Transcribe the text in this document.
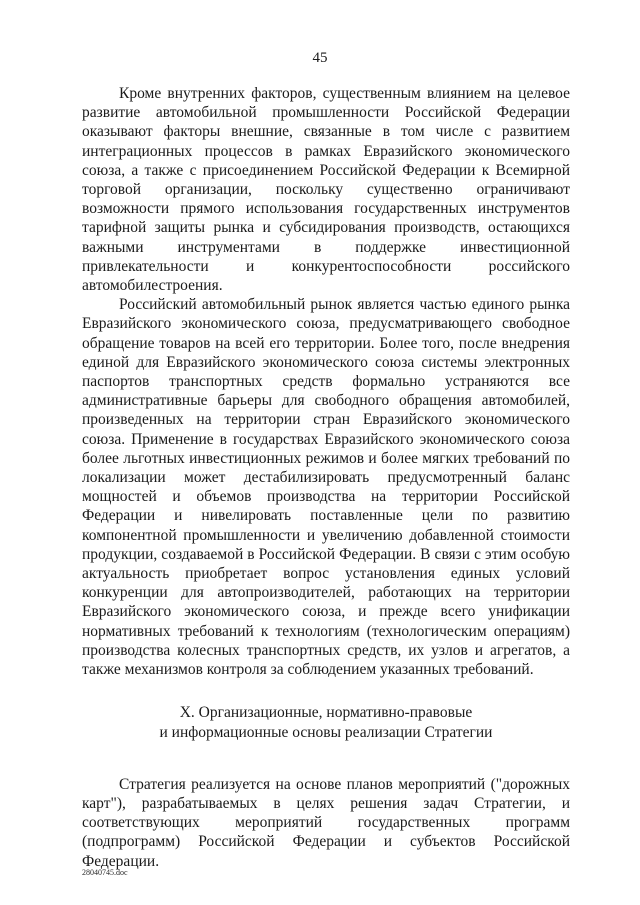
45

Кроме внутренних факторов, существенным влиянием на целевое развитие автомобильной промышленности Российской Федерации оказывают факторы внешние, связанные в том числе с развитием интеграционных процессов в рамках Евразийского экономического союза, а также с присоединением Российской Федерации к Всемирной торговой организации, поскольку существенно ограничивают возможности прямого использования государственных инструментов тарифной защиты рынка и субсидирования производств, остающихся важными инструментами в поддержке инвестиционной привлекательности и конкурентоспособности российского автомобилестроения.

Российский автомобильный рынок является частью единого рынка Евразийского экономического союза, предусматривающего свободное обращение товаров на всей его территории. Более того, после внедрения единой для Евразийского экономического союза системы электронных паспортов транспортных средств формально устраняются все административные барьеры для свободного обращения автомобилей, произведенных на территории стран Евразийского экономического союза. Применение в государствах Евразийского экономического союза более льготных инвестиционных режимов и более мягких требований по локализации может дестабилизировать предусмотренный баланс мощностей и объемов производства на территории Российской Федерации и нивелировать поставленные цели по развитию компонентной промышленности и увеличению добавленной стоимости продукции, создаваемой в Российской Федерации. В связи с этим особую актуальность приобретает вопрос установления единых условий конкуренции для автопроизводителей, работающих на территории Евразийского экономического союза, и прежде всего унификации нормативных требований к технологиям (технологическим операциям) производства колесных транспортных средств, их узлов и агрегатов, а также механизмов контроля за соблюдением указанных требований.

X. Организационные, нормативно-правовые
и информационные основы реализации Стратегии

Стратегия реализуется на основе планов мероприятий ("дорожных карт"), разрабатываемых в целях решения задач Стратегии, и соответствующих мероприятий государственных программ (подпрограмм) Российской Федерации и субъектов Российской Федерации.

28040745.doc
